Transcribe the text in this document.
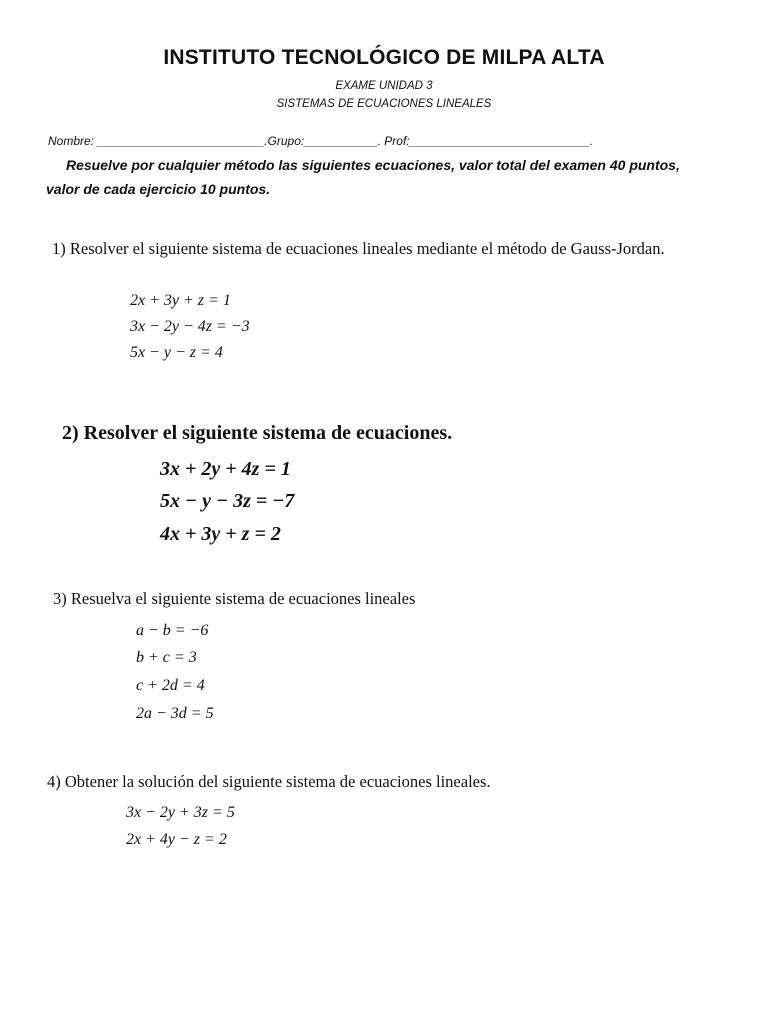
INSTITUTO TECNOLÓGICO DE MILPA ALTA
EXAME UNIDAD 3
SISTEMAS DE ECUACIONES LINEALES
Nombre: _________________________.Grupo:___________. Prof:___________________________.
Resuelve por cualquier método las siguientes ecuaciones, valor total del examen 40 puntos, valor de cada ejercicio 10 puntos.
1) Resolver el siguiente sistema de ecuaciones lineales mediante el método de Gauss-Jordan.
2x + 3y + z = 1
3x − 2y − 4z = −3
5x − y − z = 4
2) Resolver el siguiente sistema de ecuaciones.
3x + 2y + 4z = 1
5x − y − 3z = −7
4x + 3y + z = 2
3) Resuelva el siguiente sistema de ecuaciones lineales
a − b = −6
b + c = 3
c + 2d = 4
2a − 3d = 5
4) Obtener la solución del siguiente sistema de ecuaciones lineales.
3x − 2y + 3z = 5
2x + 4y − z = 2
